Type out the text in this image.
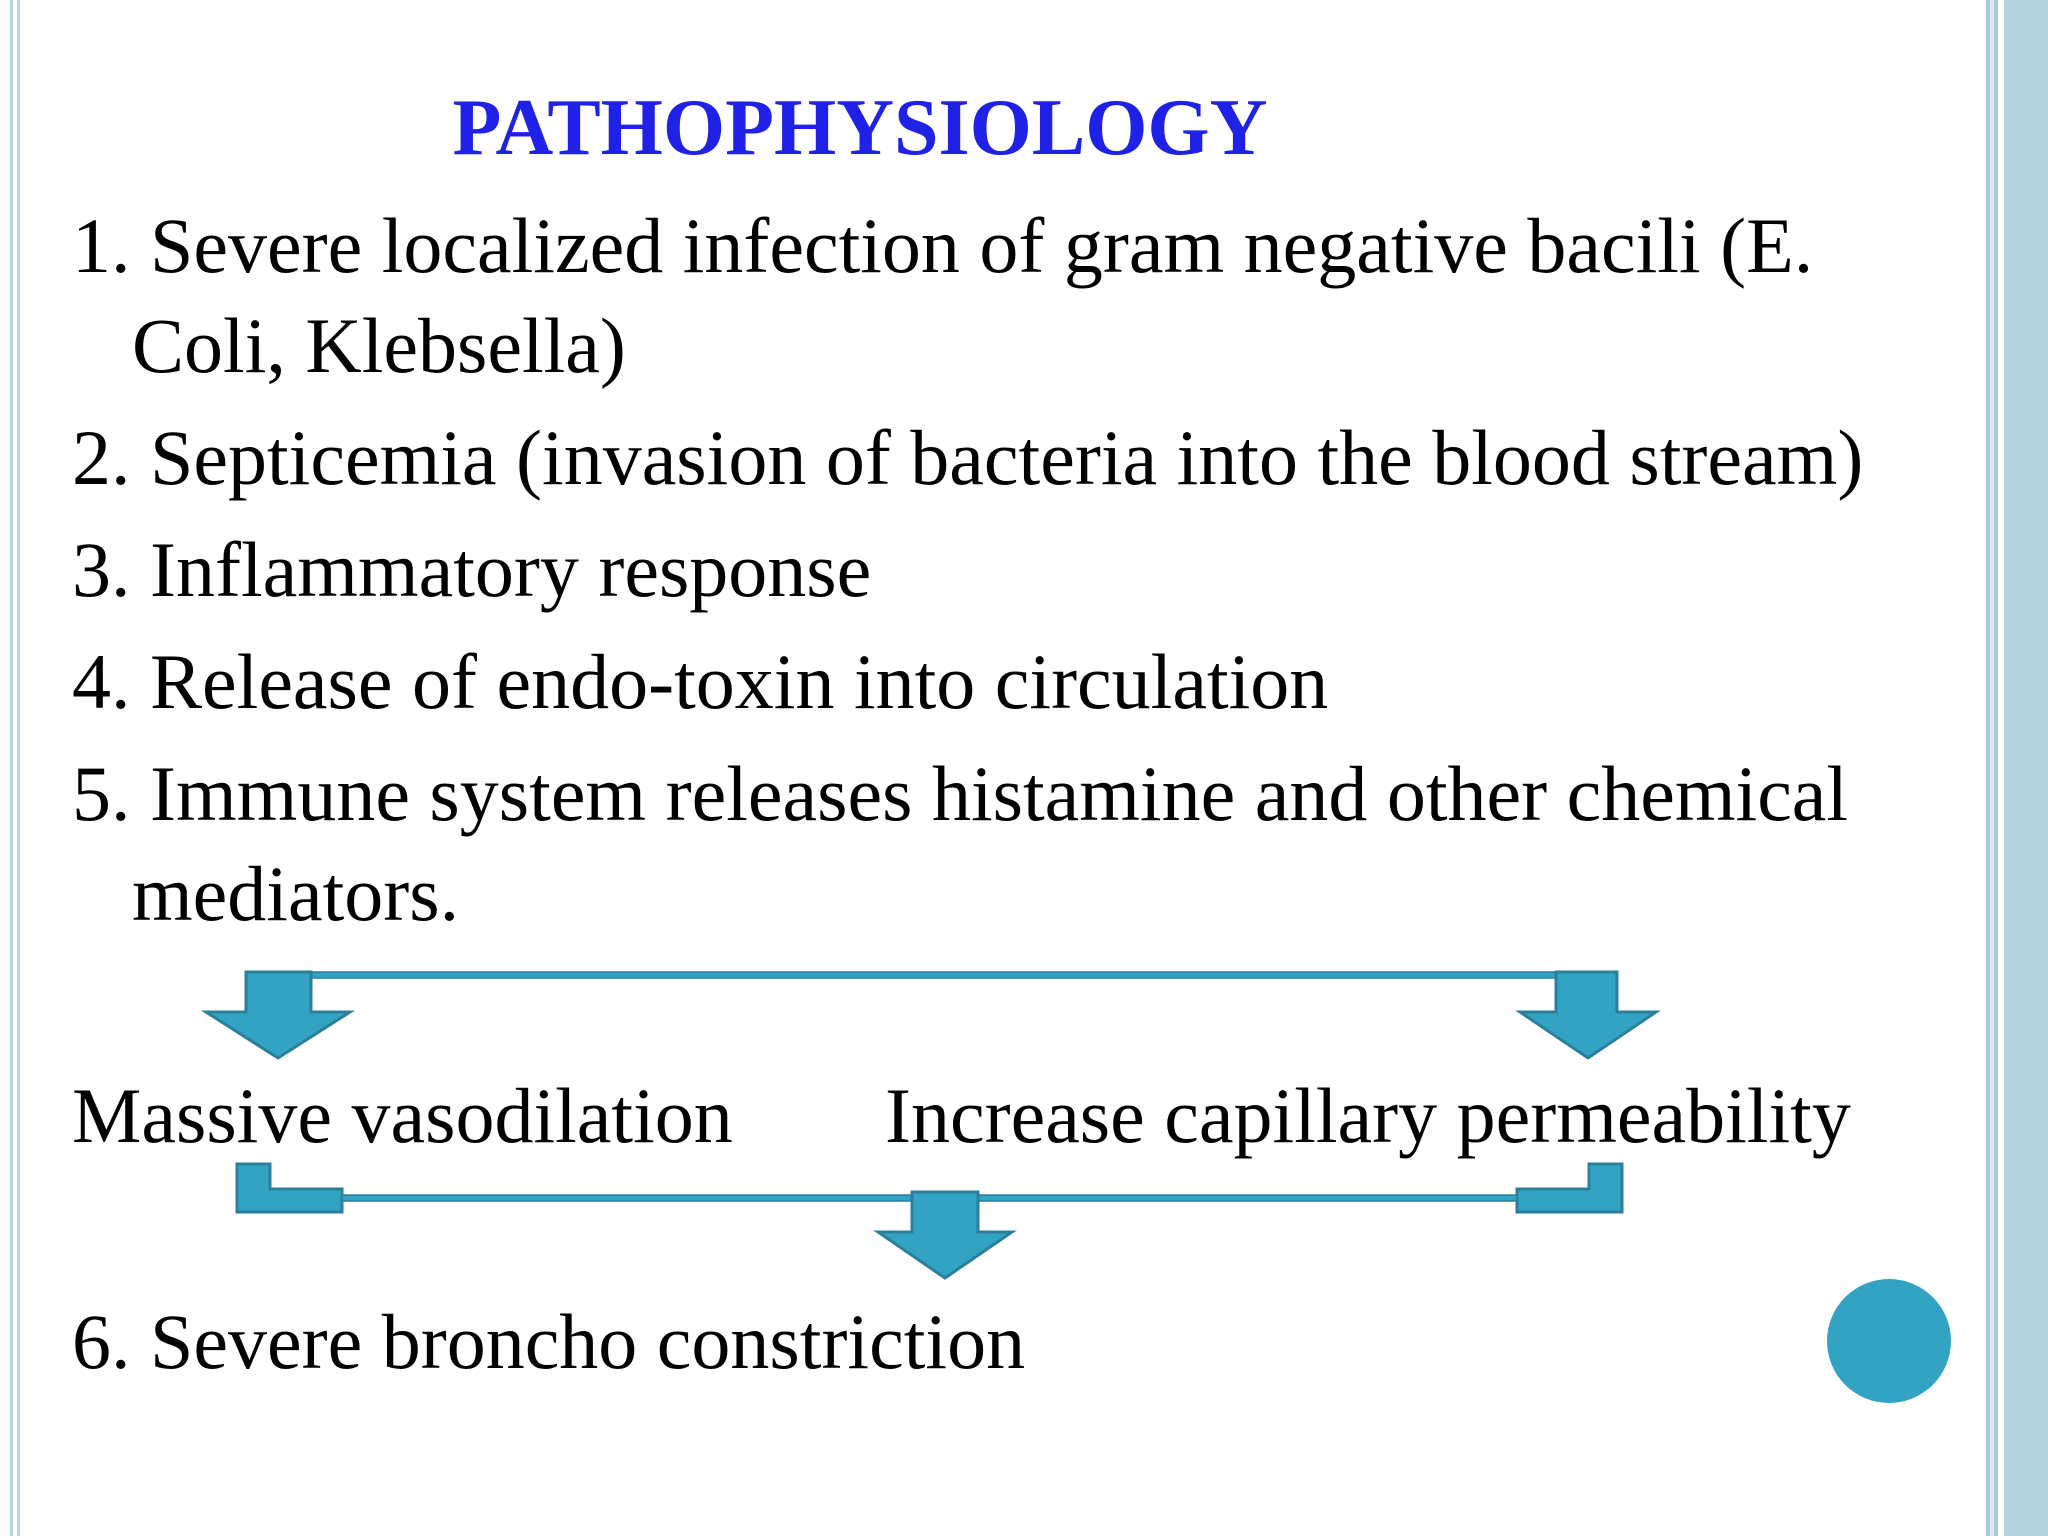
PATHOPHYSIOLOGY
1. Severe localized infection of gram negative bacili (E.
Coli, Klebsella)
2. Septicemia (invasion of bacteria into the blood stream)
3. Inflammatory response
4. Release of endo-toxin into circulation
5. Immune system releases histamine and other chemical
mediators.
Massive vasodilation Increase capillary permeability
6. Severe broncho constriction
